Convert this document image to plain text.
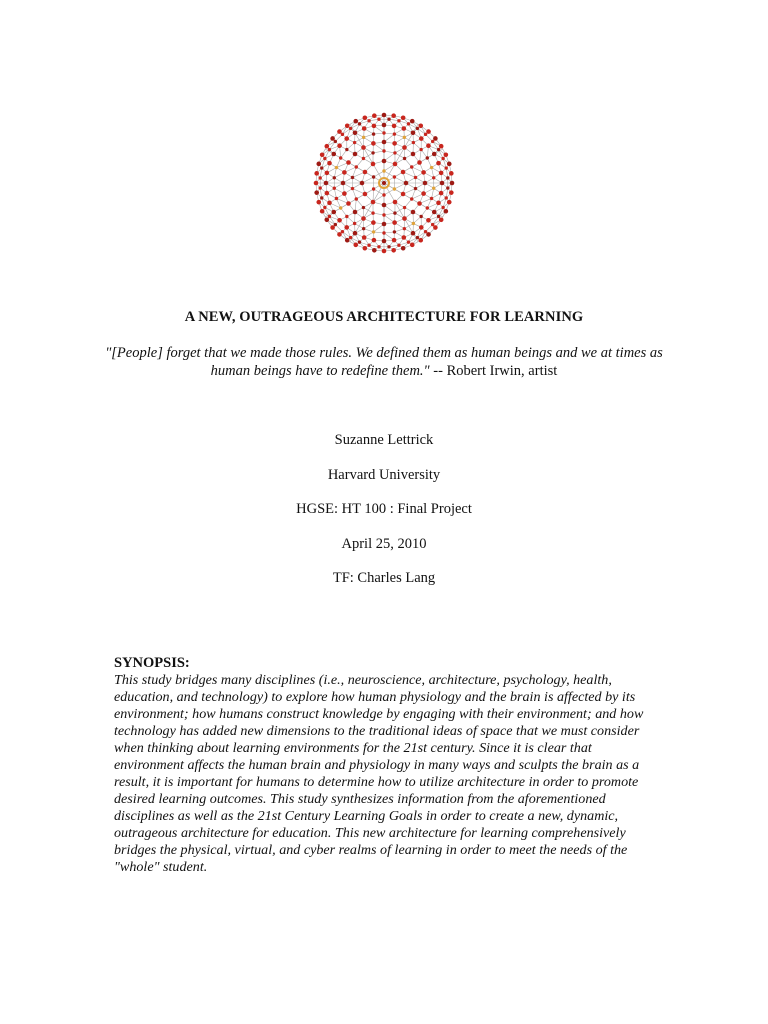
A NEW, OUTRAGEOUS ARCHITECTURE FOR LEARNING
"[People] forget that we made those rules. We defined them as human beings and we at times as human beings have to redefine them." -- Robert Irwin, artist
Suzanne Lettrick
Harvard University
HGSE: HT 100 : Final Project
April 25, 2010
TF: Charles Lang
SYNOPSIS:
This study bridges many disciplines (i.e., neuroscience, architecture, psychology, health, education, and technology) to explore how human physiology and the brain is affected by its environment; how humans construct knowledge by engaging with their environment; and how technology has added new dimensions to the traditional ideas of space that we must consider when thinking about learning environments for the 21st century. Since it is clear that environment affects the human brain and physiology in many ways and sculpts the brain as a result, it is important for humans to determine how to utilize architecture in order to promote desired learning outcomes. This study synthesizes information from the aforementioned disciplines as well as the 21st Century Learning Goals in order to create a new, dynamic, outrageous architecture for education. This new architecture for learning comprehensively bridges the physical, virtual, and cyber realms of learning in order to meet the needs of the "whole" student.
